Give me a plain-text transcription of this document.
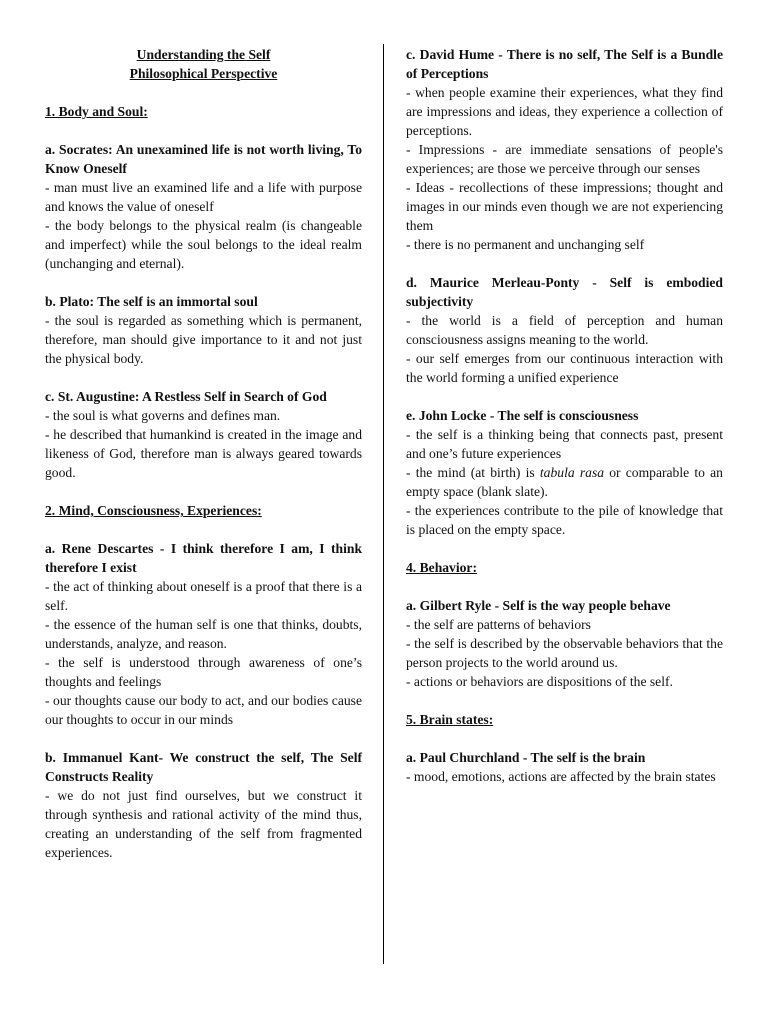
Understanding the Self
Philosophical Perspective
1. Body and Soul:
a. Socrates: An unexamined life is not worth living, To Know Oneself
- man must live an examined life and a life with purpose and knows the value of oneself
- the body belongs to the physical realm (is changeable and imperfect) while the soul belongs to the ideal realm (unchanging and eternal).
b. Plato: The self is an immortal soul
- the soul is regarded as something which is permanent, therefore, man should give importance to it and not just the physical body.
c. St. Augustine: A Restless Self in Search of God
- the soul is what governs and defines man.
- he described that humankind is created in the image and likeness of God, therefore man is always geared towards good.
2. Mind, Consciousness, Experiences:
a. Rene Descartes - I think therefore I am, I think therefore I exist
- the act of thinking about oneself is a proof that there is a self.
- the essence of the human self is one that thinks, doubts, understands, analyze, and reason.
- the self is understood through awareness of one’s thoughts and feelings
- our thoughts cause our body to act, and our bodies cause our thoughts to occur in our minds
b. Immanuel Kant- We construct the self, The Self Constructs Reality
- we do not just find ourselves, but we construct it through synthesis and rational activity of the mind thus, creating an understanding of the self from fragmented experiences.
c. David Hume - There is no self, The Self is a Bundle of Perceptions
- when people examine their experiences, what they find are impressions and ideas, they experience a collection of perceptions.
- Impressions - are immediate sensations of people's experiences; are those we perceive through our senses
- Ideas - recollections of these impressions; thought and images in our minds even though we are not experiencing them
- there is no permanent and unchanging self
d. Maurice Merleau-Ponty - Self is embodied subjectivity
- the world is a field of perception and human consciousness assigns meaning to the world.
- our self emerges from our continuous interaction with the world forming a unified experience
e. John Locke - The self is consciousness
- the self is a thinking being that connects past, present and one’s future experiences
- the mind (at birth) is tabula rasa or comparable to an empty space (blank slate).
- the experiences contribute to the pile of knowledge that is placed on the empty space.
4. Behavior:
a. Gilbert Ryle - Self is the way people behave
- the self are patterns of behaviors
- the self is described by the observable behaviors that the person projects to the world around us.
- actions or behaviors are dispositions of the self.
5. Brain states:
a. Paul Churchland - The self is the brain
- mood, emotions, actions are affected by the brain states
